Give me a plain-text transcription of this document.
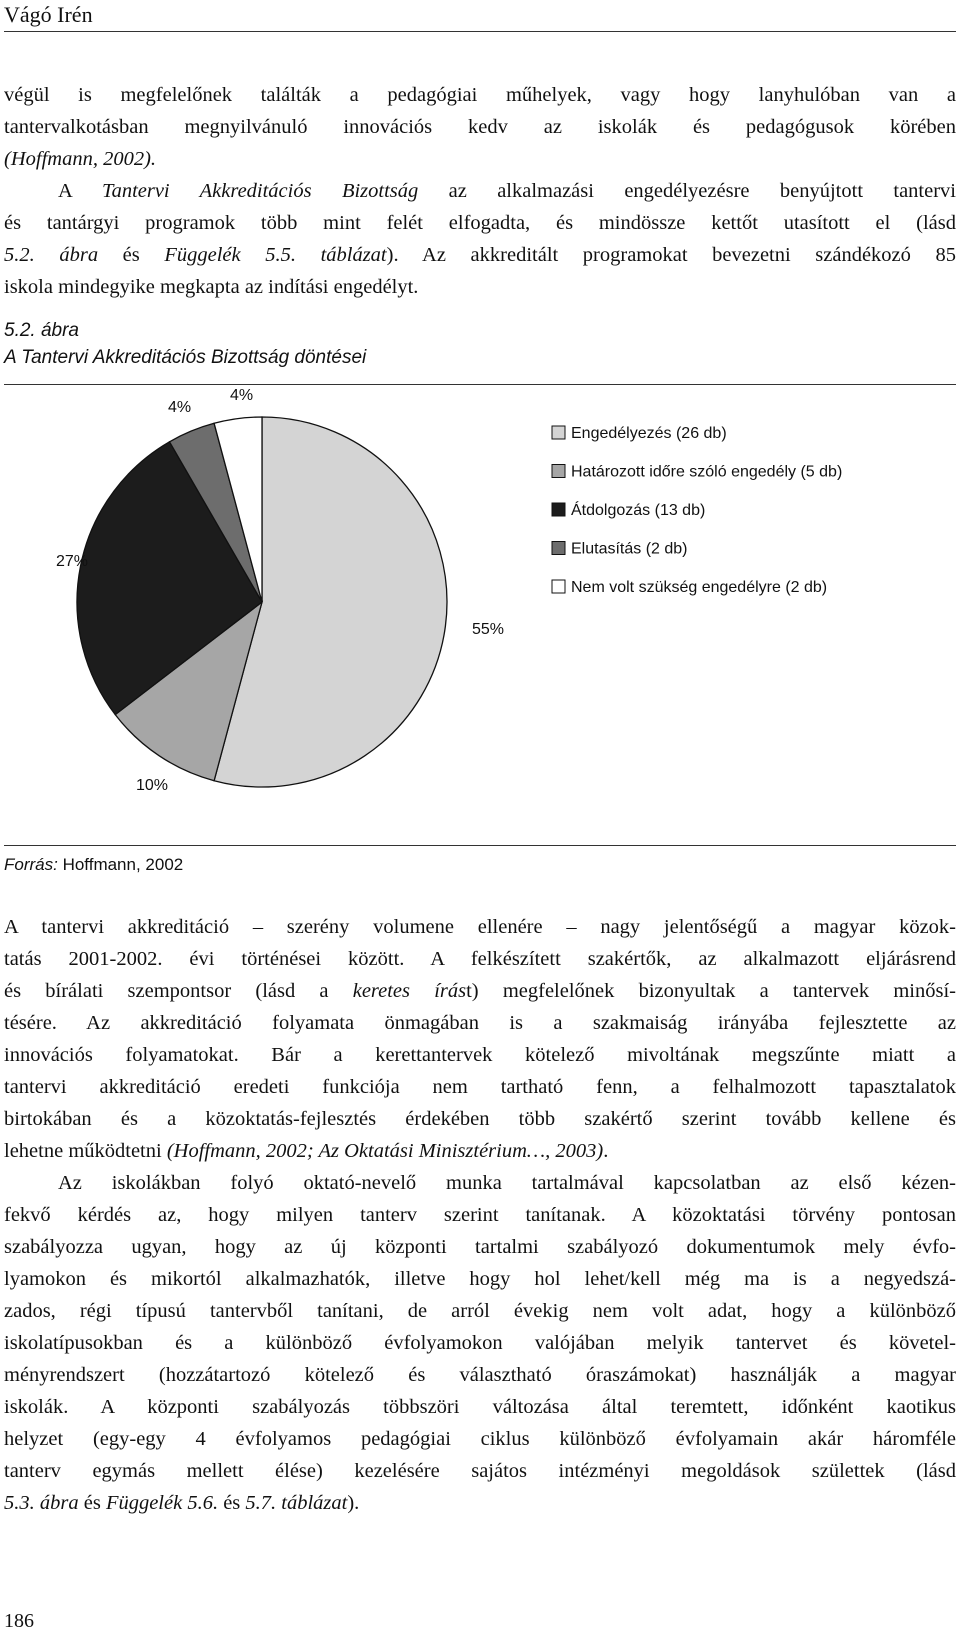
Vágó Irén
végül is megfelelőnek találták a pedagógiai műhelyek, vagy hogy lanyhulóban van a
tantervalkotásban megnyilvánuló innovációs kedv az iskolák és pedagógusok körében
(Hoffmann, 2002).
A Tantervi Akkreditációs Bizottság az alkalmazási engedélyezésre benyújtott tantervi
és tantárgyi programok több mint felét elfogadta, és mindössze kettőt utasított el (lásd
5.2. ábra és Függelék 5.5. táblázat). Az akkreditált programokat bevezetni szándékozó 85
iskola mindegyike megkapta az indítási engedélyt.
5.2. ábra
A Tantervi Akkreditációs Bizottság döntései
55%
10%
27%
4%
4%
Engedélyezés (26 db)
Határozott időre szóló engedély (5 db)
Átdolgozás (13 db)
Elutasítás (2 db)
Nem volt szükség engedélyre (2 db)
Forrás: Hoffmann, 2002
A tantervi akkreditáció – szerény volumene ellenére – nagy jelentőségű a magyar közok-
tatás 2001-2002. évi történései között. A felkészített szakértők, az alkalmazott eljárásrend
és bírálati szempontsor (lásd a keretes írást) megfelelőnek bizonyultak a tantervek minősí-
tésére. Az akkreditáció folyamata önmagában is a szakmaiság irányába fejlesztette az
innovációs folyamatokat. Bár a kerettantervek kötelező mivoltának megszűnte miatt a
tantervi akkreditáció eredeti funkciója nem tartható fenn, a felhalmozott tapasztalatok
birtokában és a közoktatás-fejlesztés érdekében több szakértő szerint tovább kellene és
lehetne működtetni (Hoffmann, 2002; Az Oktatási Minisztérium…, 2003).
Az iskolákban folyó oktató-nevelő munka tartalmával kapcsolatban az első kézen-
fekvő kérdés az, hogy milyen tanterv szerint tanítanak. A közoktatási törvény pontosan
szabályozza ugyan, hogy az új központi tartalmi szabályozó dokumentumok mely évfo-
lyamokon és mikortól alkalmazhatók, illetve hogy hol lehet/kell még ma is a negyedszá-
zados, régi típusú tantervből tanítani, de arról évekig nem volt adat, hogy a különböző
iskolatípusokban és a különböző évfolyamokon valójában melyik tantervet és követel-
ményrendszert (hozzátartozó kötelező és választható óraszámokat) használják a magyar
iskolák. A központi szabályozás többszöri változása által teremtett, időnként kaotikus
helyzet (egy-egy 4 évfolyamos pedagógiai ciklus különböző évfolyamain akár háromféle
tanterv egymás mellett élése) kezelésére sajátos intézményi megoldások születtek (lásd
5.3. ábra és Függelék 5.6. és 5.7. táblázat).
186
